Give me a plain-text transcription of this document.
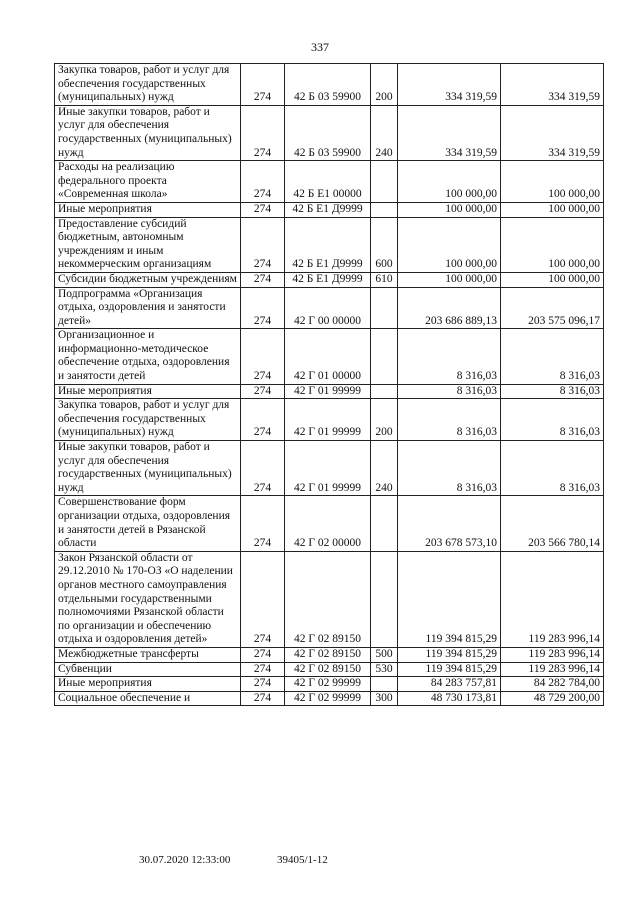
337
Закупка товаров, работ и услуг для обеспечения государственных (муниципальных) нужд	274	42 Б 03 59900	200	334 319,59	334 319,59
Иные закупки товаров, работ и услуг для обеспечения государственных (муниципальных) нужд	274	42 Б 03 59900	240	334 319,59	334 319,59
Расходы на реализацию федерального проекта «Современная школа»	274	42 Б Е1 00000		100 000,00	100 000,00
Иные мероприятия	274	42 Б Е1 Д9999		100 000,00	100 000,00
Предоставление субсидий бюджетным, автономным учреждениям и иным некоммерческим организациям	274	42 Б Е1 Д9999	600	100 000,00	100 000,00
Субсидии бюджетным учреждениям	274	42 Б Е1 Д9999	610	100 000,00	100 000,00
Подпрограмма «Организация отдыха, оздоровления и занятости детей»	274	42 Г 00 00000		203 686 889,13	203 575 096,17
Организационное и информационно-методическое обеспечение отдыха, оздоровления и занятости детей	274	42 Г 01 00000		8 316,03	8 316,03
Иные мероприятия	274	42 Г 01 99999		8 316,03	8 316,03
Закупка товаров, работ и услуг для обеспечения государственных (муниципальных) нужд	274	42 Г 01 99999	200	8 316,03	8 316,03
Иные закупки товаров, работ и услуг для обеспечения государственных (муниципальных) нужд	274	42 Г 01 99999	240	8 316,03	8 316,03
Совершенствование форм организации отдыха, оздоровления и занятости детей в Рязанской области	274	42 Г 02 00000		203 678 573,10	203 566 780,14
Закон Рязанской области от 29.12.2010 № 170-ОЗ «О наделении органов местного самоуправления отдельными государственными полномочиями Рязанской области по организации и обеспечению отдыха и оздоровления детей»	274	42 Г 02 89150		119 394 815,29	119 283 996,14
Межбюджетные трансферты	274	42 Г 02 89150	500	119 394 815,29	119 283 996,14
Субвенции	274	42 Г 02 89150	530	119 394 815,29	119 283 996,14
Иные мероприятия	274	42 Г 02 99999		84 283 757,81	84 282 784,00
Социальное обеспечение и	274	42 Г 02 99999	300	48 730 173,81	48 729 200,00
30.07.2020 12:33:00	39405/1-12
